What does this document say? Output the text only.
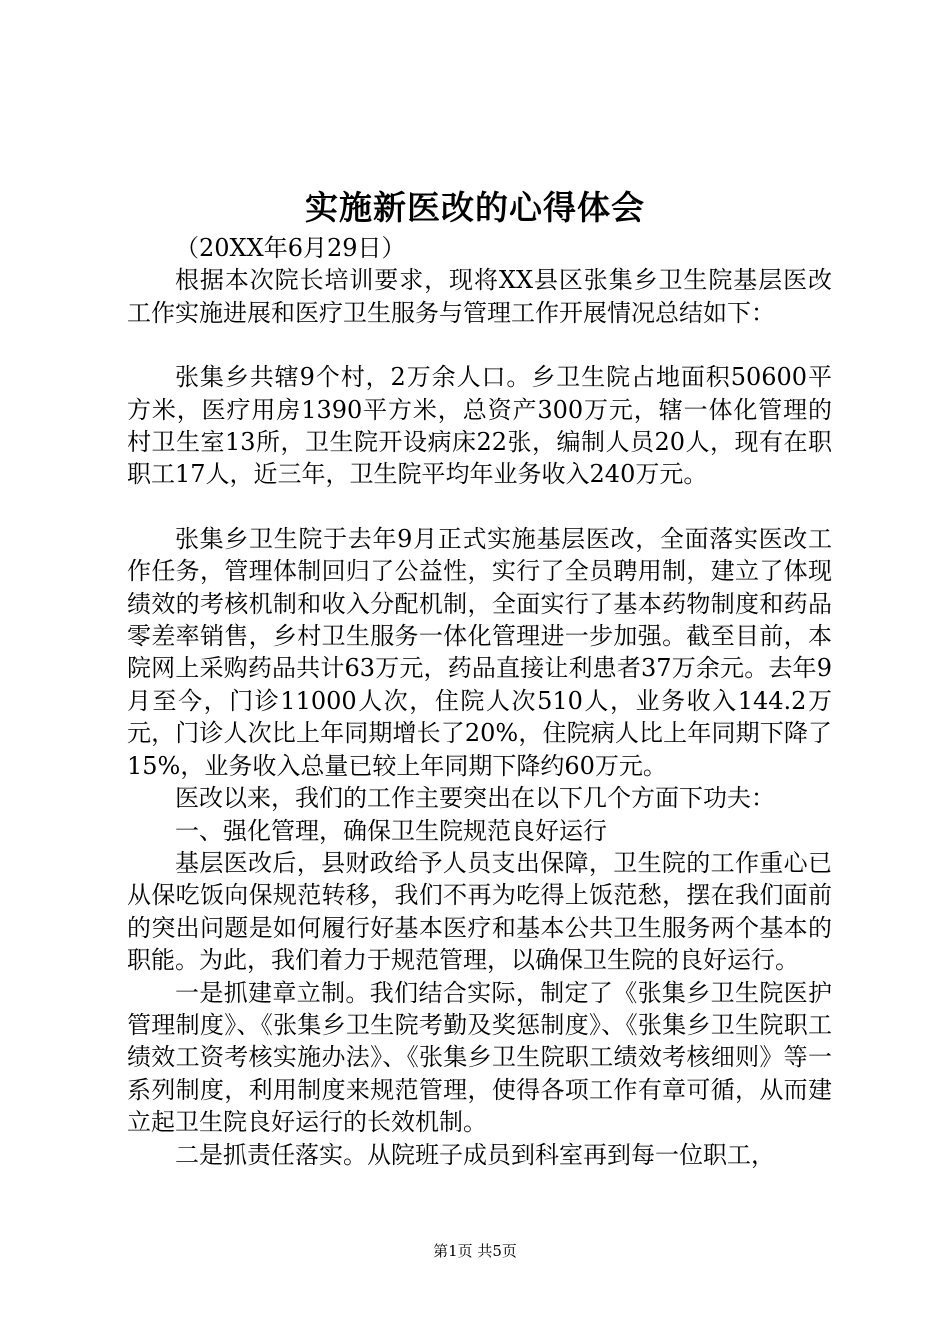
实施新医改的心得体会

（20XX年6月29日）

根据本次院长培训要求，现将XX县区张集乡卫生院基层医改工作实施进展和医疗卫生服务与管理工作开展情况总结如下：

张集乡共辖9个村，2万余人口。乡卫生院占地面积50600平方米，医疗用房1390平方米，总资产300万元，辖一体化管理的村卫生室13所，卫生院开设病床22张，编制人员20人，现有在职职工17人，近三年，卫生院平均年业务收入240万元。

张集乡卫生院于去年9月正式实施基层医改，全面落实医改工作任务，管理体制回归了公益性，实行了全员聘用制，建立了体现绩效的考核机制和收入分配机制，全面实行了基本药物制度和药品零差率销售，乡村卫生服务一体化管理进一步加强。截至目前，本院网上采购药品共计63万元，药品直接让利患者37万余元。去年9月至今，门诊11000人次，住院人次510人，业务收入144.2万元，门诊人次比上年同期增长了20%，住院病人比上年同期下降了15%，业务收入总量已较上年同期下降约60万元。

医改以来，我们的工作主要突出在以下几个方面下功夫：

一、强化管理，确保卫生院规范良好运行

基层医改后，县财政给予人员支出保障，卫生院的工作重心已从保吃饭向保规范转移，我们不再为吃得上饭范愁，摆在我们面前的突出问题是如何履行好基本医疗和基本公共卫生服务两个基本的职能。为此，我们着力于规范管理，以确保卫生院的良好运行。

一是抓建章立制。我们结合实际，制定了《张集乡卫生院医护管理制度》、《张集乡卫生院考勤及奖惩制度》、《张集乡卫生院职工绩效工资考核实施办法》、《张集乡卫生院职工绩效考核细则》等一系列制度，利用制度来规范管理，使得各项工作有章可循，从而建立起卫生院良好运行的长效机制。

二是抓责任落实。从院班子成员到科室再到每一位职工，

第1页 共5页
